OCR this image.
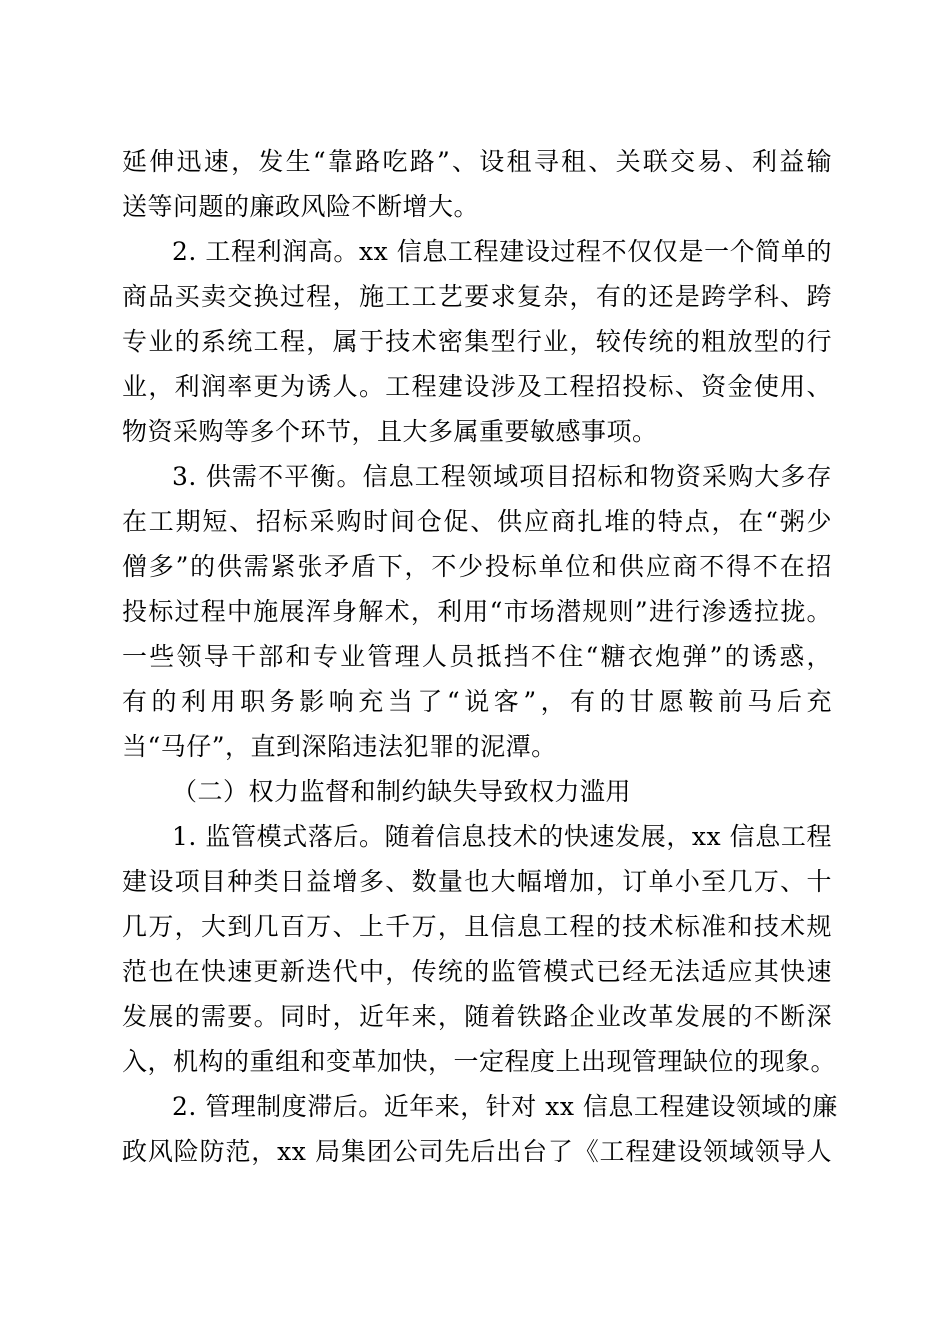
延伸迅速，发生“靠路吃路”、设租寻租、关联交易、利益输
送等问题的廉政风险不断增大。
2. 工程利润高。xx 信息工程建设过程不仅仅是一个简单的
商品买卖交换过程，施工工艺要求复杂，有的还是跨学科、跨
专业的系统工程，属于技术密集型行业，较传统的粗放型的行
业，利润率更为诱人。工程建设涉及工程招投标、资金使用、
物资采购等多个环节，且大多属重要敏感事项。
3. 供需不平衡。信息工程领域项目招标和物资采购大多存
在工期短、招标采购时间仓促、供应商扎堆的特点，在“粥少
僧多”的供需紧张矛盾下，不少投标单位和供应商不得不在招
投标过程中施展浑身解术，利用“市场潜规则”进行渗透拉拢。
一些领导干部和专业管理人员抵挡不住“糖衣炮弹”的诱惑，
有的利用职务影响充当了“说客”，有的甘愿鞍前马后充
当“马仔”，直到深陷违法犯罪的泥潭。
（二）权力监督和制约缺失导致权力滥用
1. 监管模式落后。随着信息技术的快速发展，xx 信息工程
建设项目种类日益增多、数量也大幅增加，订单小至几万、十
几万，大到几百万、上千万，且信息工程的技术标准和技术规
范也在快速更新迭代中，传统的监管模式已经无法适应其快速
发展的需要。同时，近年来，随着铁路企业改革发展的不断深
入，机构的重组和变革加快，一定程度上出现管理缺位的现象。
2. 管理制度滞后。近年来，针对 xx 信息工程建设领域的廉
政风险防范，xx 局集团公司先后出台了《工程建设领域领导人
